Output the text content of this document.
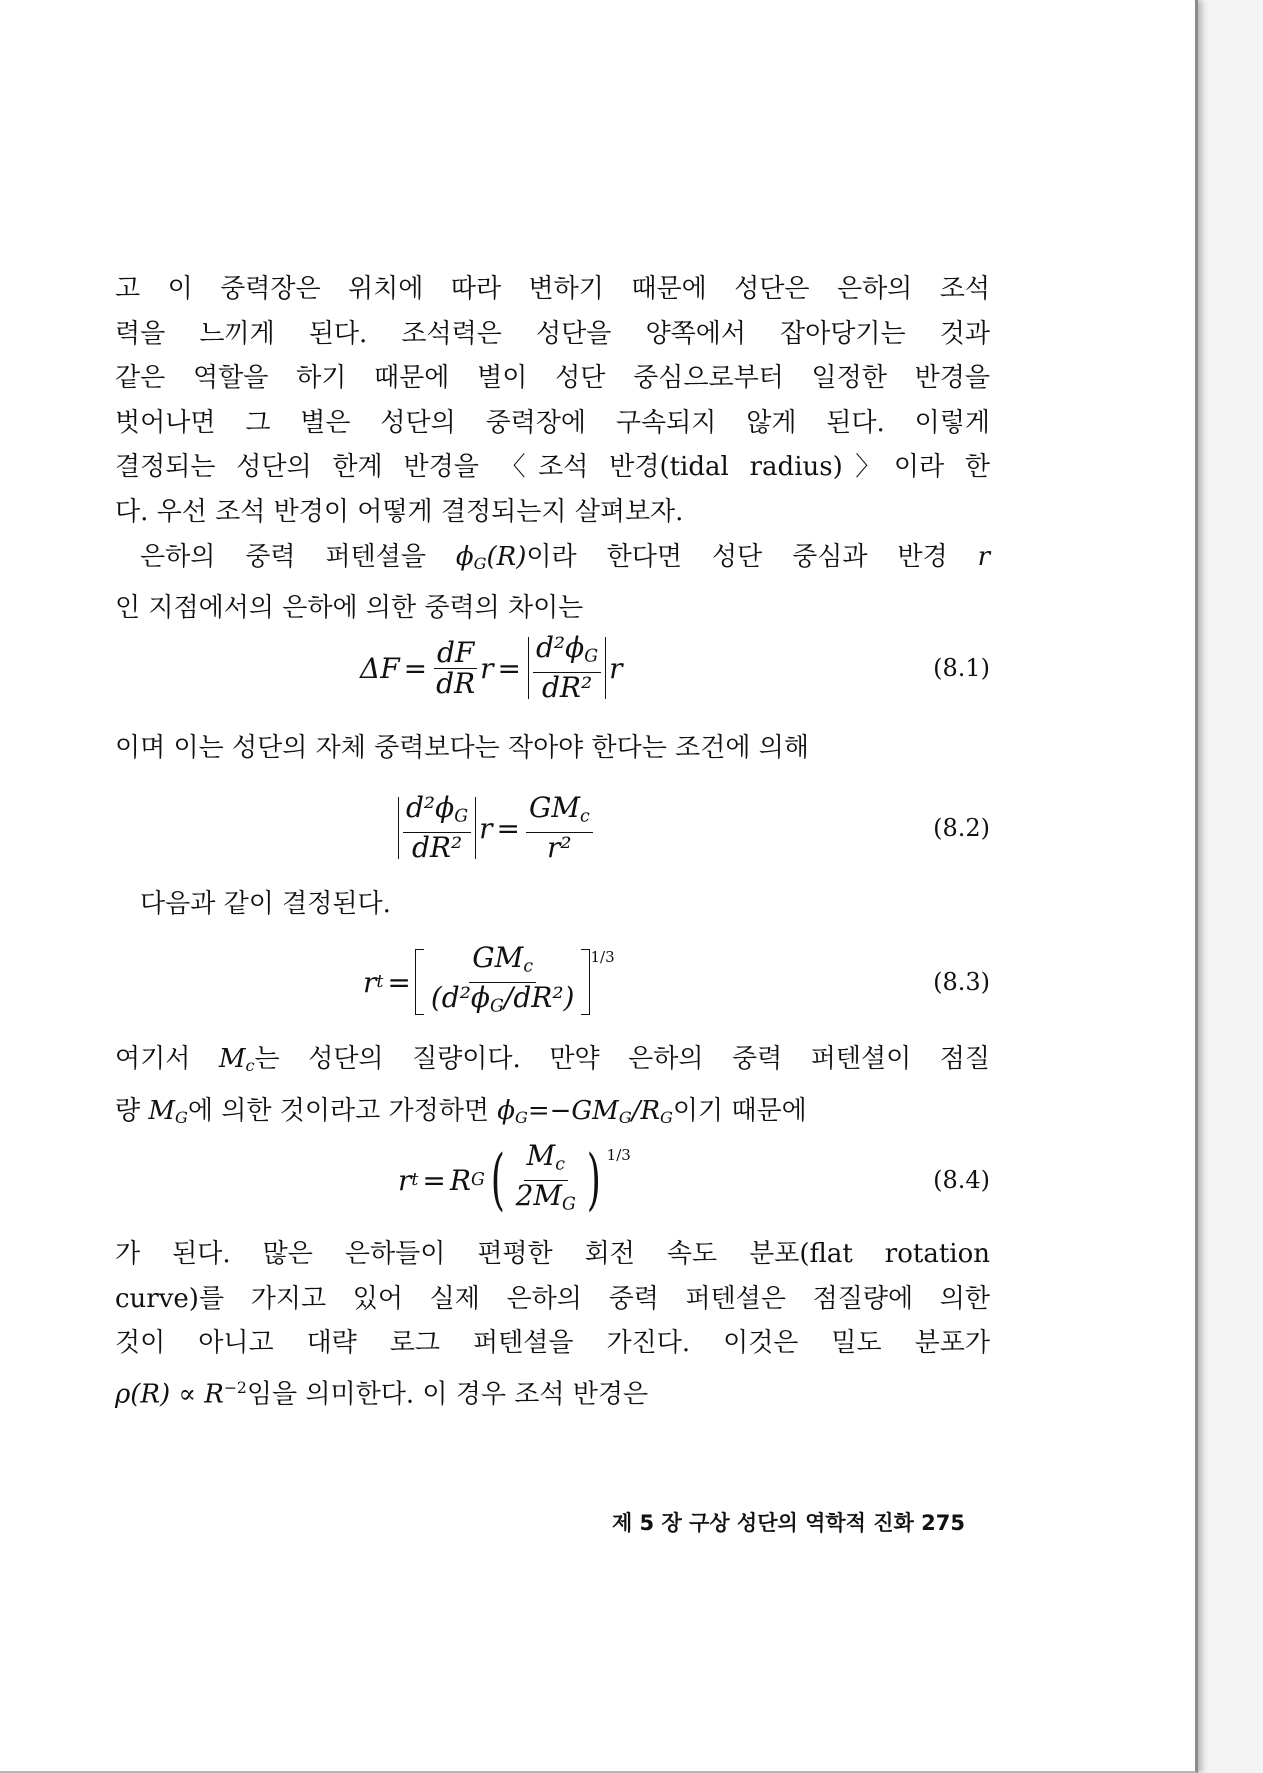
고 이 중력장은 위치에 따라 변하기 때문에 성단은 은하의 조석

력을 느끼게 된다. 조석력은 성단을 양쪽에서 잡아당기는 것과

같은 역할을 하기 때문에 별이 성단 중심으로부터 일정한 반경을

벗어나면 그 별은 성단의 중력장에 구속되지 않게 된다. 이렇게

결정되는 성단의 한계 반경을 〈조석 반경(tidal radius)〉이라 한

다. 우선 조석 반경이 어떻게 결정되는지 살펴보자.

은하의 중력 퍼텐셜을 $\phi_G(R)$이라 한다면 성단 중심과 반경 r

인 지점에서의 은하에 의한 중력의 차이는

$\Delta F = \frac{dF}{dR}$ $r = \frac{d^2\phi_G}{\text{dR²}}$ r	(8.1)

이며 이는 성단의 자체 중력보다는 작아야 한다는 조건에 의해

$\frac{d^2\phi_G}{\text{dR²}}$ $r = \frac{GM_c}{\text{r²}}$	(8.2)

다음과 같이 결정된다.

r $t = \frac{GM_c}{(d^2\phi_G/dR^2)} 1/3$
(8.3)

여기서 $M_c$는 성단의 질량이다. 만약 은하의 중력 퍼텐셜이 점질

량 $M_G$에 의한 것이라고 가정하면 $\phi_G=-GM_G/R_G$이기 때문에

r t = R G ( $\frac{M_c}{2M_G}$ ) 1/3
(8.4)

가 된다. 많은 은하들이 편평한 회전 속도 분포(flat rotation

curve)를 가지고 있어 실제 은하의 중력 퍼텐셜은 점질량에 의한

것이 아니고 대략 로그 퍼텐셜을 가진다. 이것은 밀도 분포가

$\rho(R) \propto R^{-2}$임을 의미한다. 이 경우 조석 반경은

제 5 장 구상 성단의 역학적 진화 275
